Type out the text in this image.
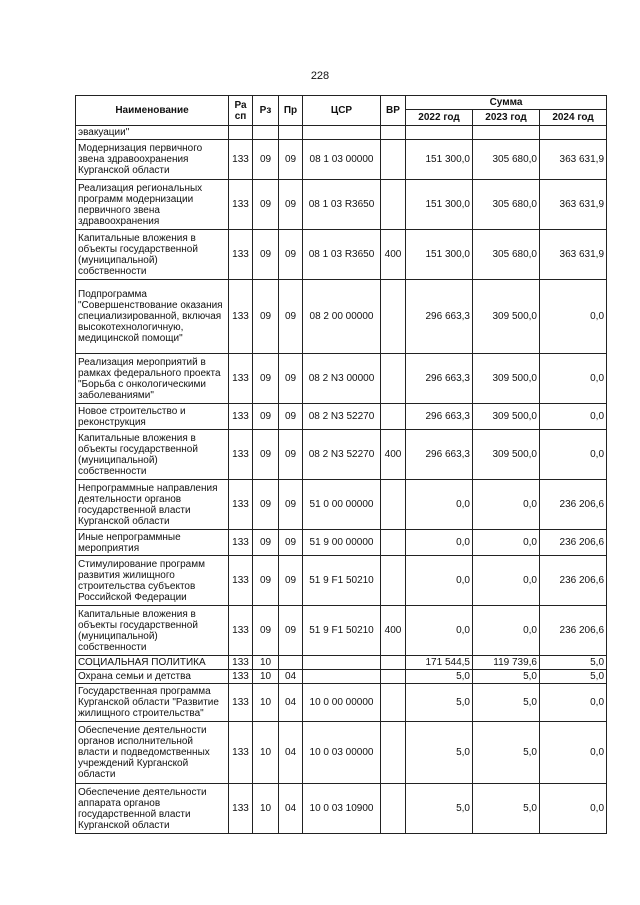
228
Наименование	Ра сп	Рз	Пр	ЦСР	ВР	Сумма		
						2022 год	2023 год	2024 год
эвакуации"								
Модернизация первичного звена здравоохранения Курганской области	133	09	09	08 1 03 00000		151 300,0	305 680,0	363 631,9
Реализация региональных программ модернизации первичного звена здравоохранения	133	09	09	08 1 03 R3650		151 300,0	305 680,0	363 631,9
Капитальные вложения в объекты государственной (муниципальной) собственности	133	09	09	08 1 03 R3650	400	151 300,0	305 680,0	363 631,9
Подпрограмма "Совершенствование оказания специализированной, включая высокотехнологичную, медицинской помощи"	133	09	09	08 2 00 00000		296 663,3	309 500,0	0,0
Реализация мероприятий в рамках федерального проекта "Борьба с онкологическими заболеваниями"	133	09	09	08 2 N3 00000		296 663,3	309 500,0	0,0
Новое строительство и реконструкция	133	09	09	08 2 N3 52270		296 663,3	309 500,0	0,0
Капитальные вложения в объекты государственной (муниципальной) собственности	133	09	09	08 2 N3 52270	400	296 663,3	309 500,0	0,0
Непрограммные направления деятельности органов государственной власти Курганской области	133	09	09	51 0 00 00000		0,0	0,0	236 206,6
Иные непрограммные мероприятия	133	09	09	51 9 00 00000		0,0	0,0	236 206,6
Стимулирование программ развития жилищного строительства субъектов Российской Федерации	133	09	09	51 9 F1 50210		0,0	0,0	236 206,6
Капитальные вложения в объекты государственной (муниципальной) собственности	133	09	09	51 9 F1 50210	400	0,0	0,0	236 206,6
СОЦИАЛЬНАЯ ПОЛИТИКА	133	10				171 544,5	119 739,6	5,0
Охрана семьи и детства	133	10	04			5,0	5,0	5,0
Государственная программа Курганской области "Развитие жилищного строительства"	133	10	04	10 0 00 00000		5,0	5,0	0,0
Обеспечение деятельности органов исполнительной власти и подведомственных учреждений Курганской области	133	10	04	10 0 03 00000		5,0	5,0	0,0
Обеспечение деятельности аппарата органов государственной власти Курганской области	133	10	04	10 0 03 10900		5,0	5,0	0,0
